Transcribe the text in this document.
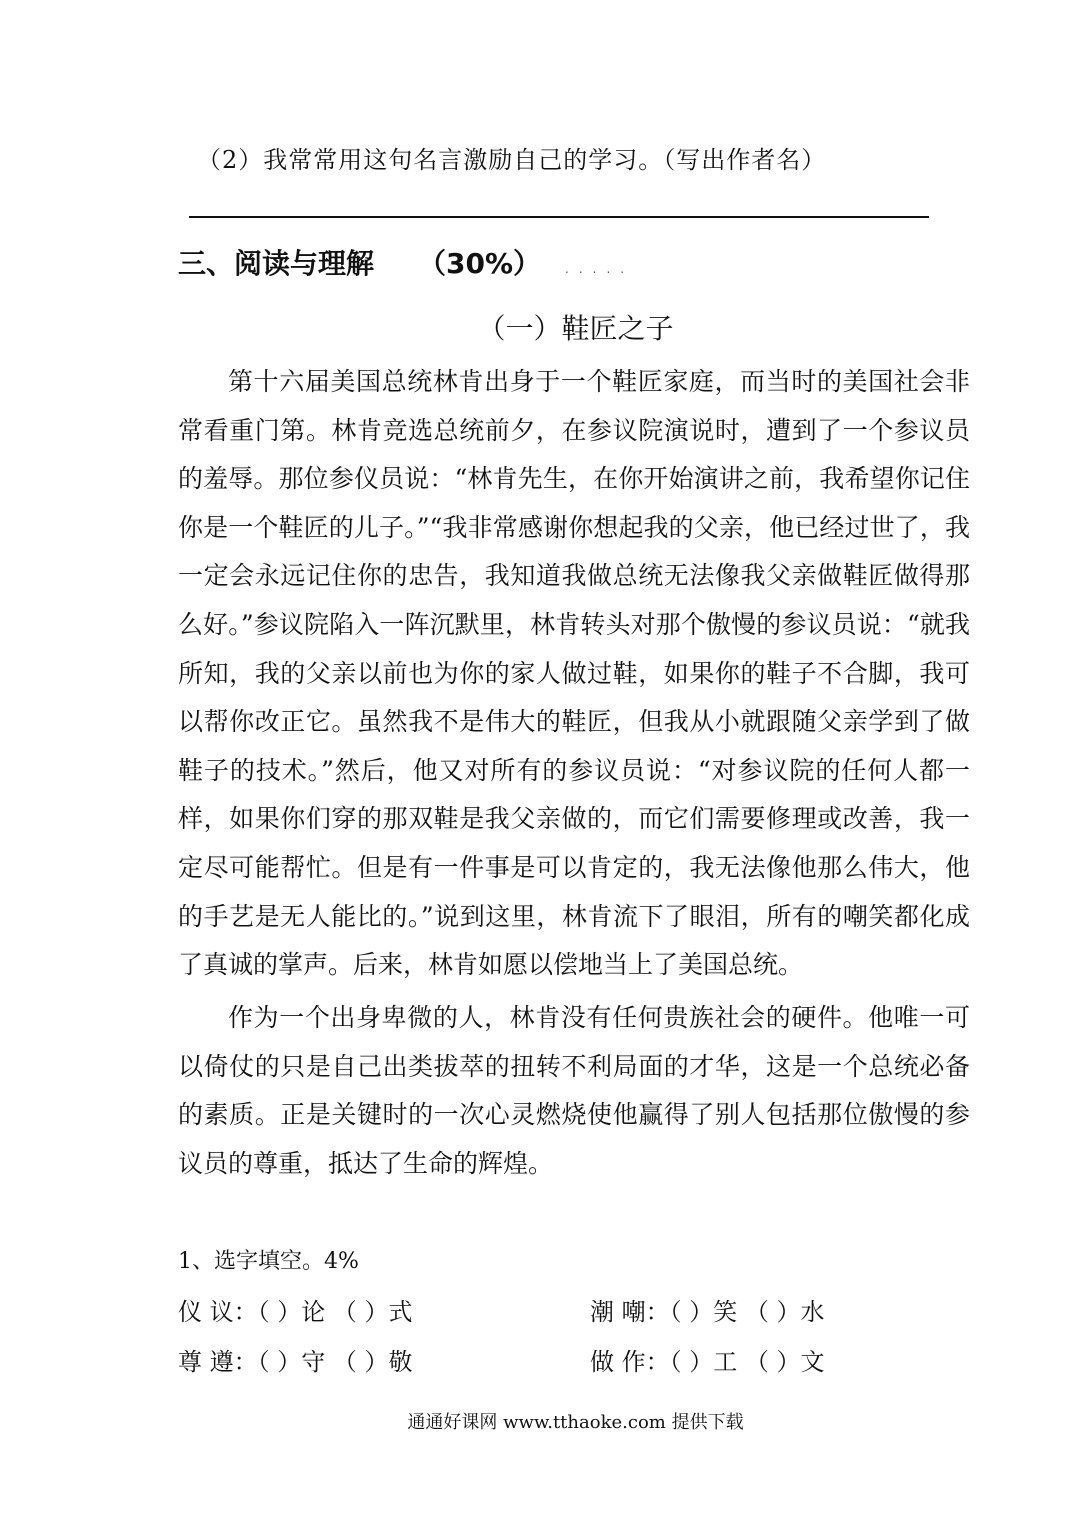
（2）我常常用这句名言激励自己的学习。（写出作者名）
三、阅读与理解 （30%） .....
（一）鞋匠之子
第十六届美国总统林肯出身于一个鞋匠家庭，而当时的美国社会非常看重门第。林肯竞选总统前夕，在参议院演说时，遭到了一个参议员的羞辱。那位参仪员说：“林肯先生，在你开始演讲之前，我希望你记住你是一个鞋匠的儿子。”“我非常感谢你想起我的父亲，他已经过世了，我一定会永远记住你的忠告，我知道我做总统无法像我父亲做鞋匠做得那么好。”参议院陷入一阵沉默里，林肯转头对那个傲慢的参议员说：“就我所知，我的父亲以前也为你的家人做过鞋，如果你的鞋子不合脚，我可以帮你改正它。虽然我不是伟大的鞋匠，但我从小就跟随父亲学到了做鞋子的技术。”然后，他又对所有的参议员说：“对参议院的任何人都一样，如果你们穿的那双鞋是我父亲做的，而它们需要修理或改善，我一定尽可能帮忙。但是有一件事是可以肯定的，我无法像他那么伟大，他的手艺是无人能比的。”说到这里，林肯流下了眼泪，所有的嘲笑都化成了真诚的掌声。后来，林肯如愿以偿地当上了美国总统。
作为一个出身卑微的人，林肯没有任何贵族社会的硬件。他唯一可以倚仗的只是自己出类拔萃的扭转不利局面的才华，这是一个总统必备的素质。正是关键时的一次心灵燃烧使他赢得了别人包括那位傲慢的参议员的尊重，抵达了生命的辉煌。
1、选字填空。4%
仪 议：（ ）论 （ ）式	潮 嘲：（ ）笑 （ ）水
尊 遵：（ ）守 （ ）敬	做 作：（ ）工 （ ）文
通通好课网 www.tthaoke.com 提供下载
